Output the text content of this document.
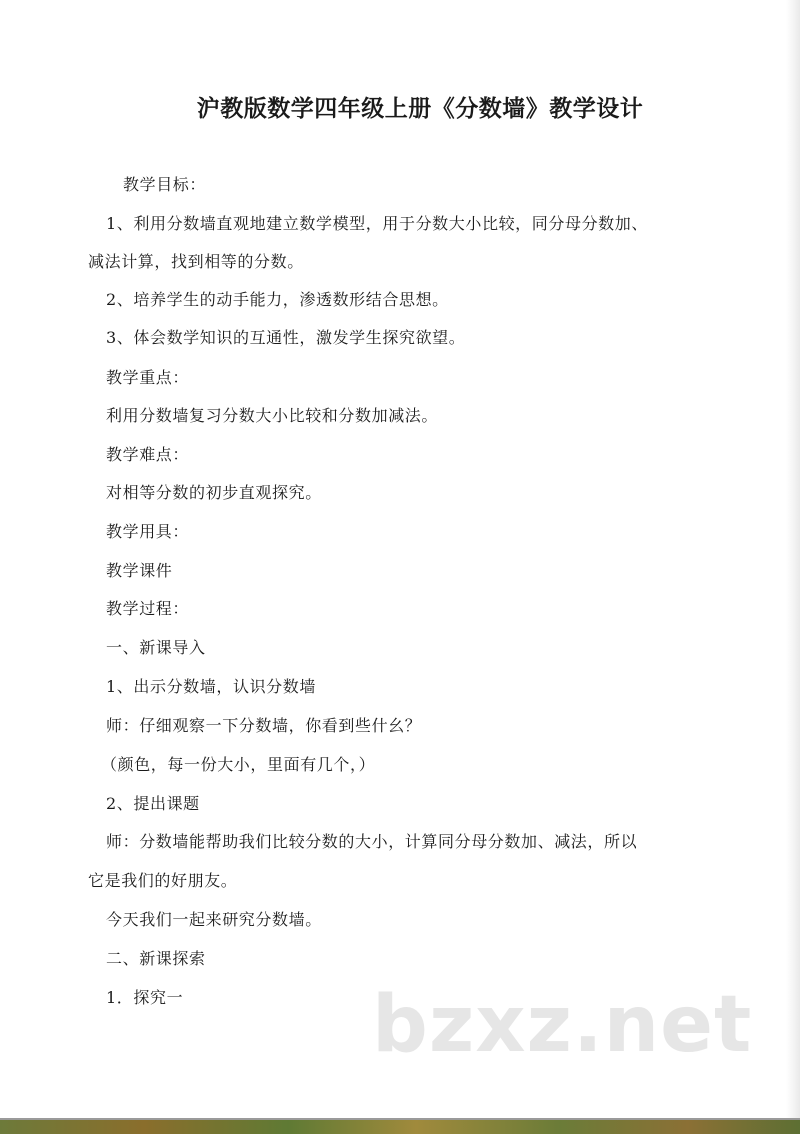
沪教版数学四年级上册《分数墙》教学设计

教学目标：

1、利用分数墙直观地建立数学模型，用于分数大小比较，同分母分数加、

减法计算，找到相等的分数。

2、培养学生的动手能力，渗透数形结合思想。

3、体会数学知识的互通性，激发学生探究欲望。

教学重点：

利用分数墙复习分数大小比较和分数加减法。

教学难点：

对相等分数的初步直观探究。

教学用具：

教学课件

教学过程：

一、新课导入

1、出示分数墙，认识分数墙

师：仔细观察一下分数墙，你看到些什幺？

（颜色，每一份大小，里面有几个，）

2、提出课题

师：分数墙能帮助我们比较分数的大小，计算同分母分数加、减法，所以

它是我们的好朋友。

今天我们一起来研究分数墙。

二、新课探索

1．探究一 bzxz.net
